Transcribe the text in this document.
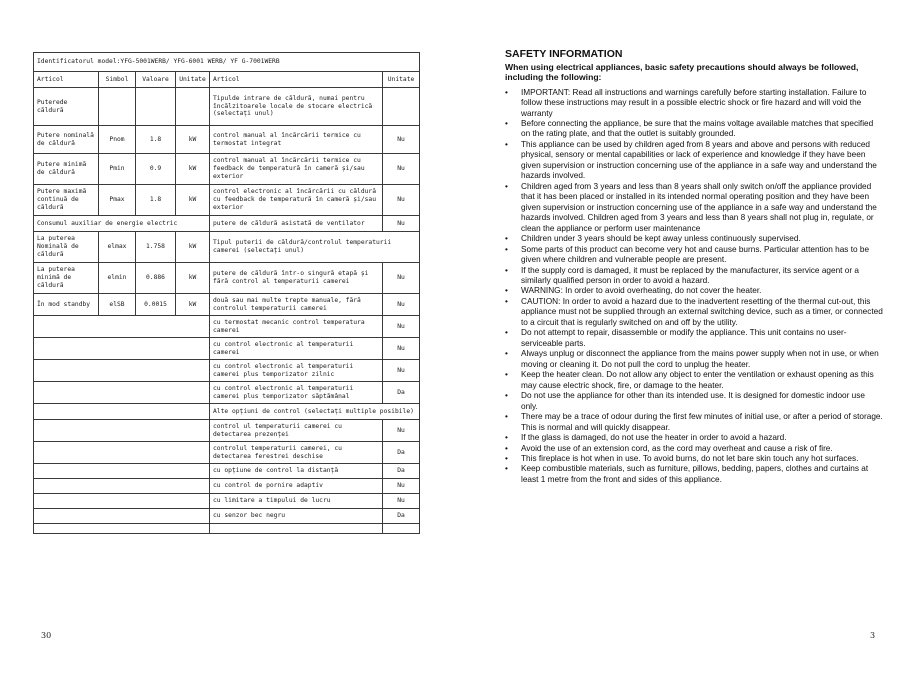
Identificatorul model:YFG-5001WERB/ YFG-6001 WERB/ YF G-7001WERB					
Articol	Simbol	Valoare	Unitate	Articol	Unitate
Puterede căldură				Tipulde intrare de căldură, numai pentru încălzitoarele locale de stocare electrică (selectați unul)	
Putere nominală de căldură	Pnom	1.8	kW	control manual al încărcării termice cu termostat integrat	Nu
Putere minimă de căldură	Pmin	0.9	kW	control manual al încărcării termice cu feedback de temperatură în cameră și/sau exterior	Nu
Putere maximă continuă de căldură	Pmax	1.8	kW	control electronic al încărcării cu căldură cu feedback de temperatură în cameră și/sau exterior	Nu
Consumul auxiliar de energie electric				putere de căldură asistată de ventilator	Nu
La puterea Nominală de căldură	elmax	1.758	kW	Tipul puterii de căldură/controlul temperaturii camerei (selectați unul)	
La puterea minimă de căldură	elmin	0.886	kW	putere de căldură într-o singură etapă și fără control al temperaturii camerei	Nu
În mod standby	elSB	0.0015	kW	două sau mai multe trepte manuale, fără controlul temperaturii camerei	Nu
				cu termostat mecanic control temperatura camerei	Nu
				cu control electronic al temperaturii camerei	Nu
				cu control electronic al temperaturii camerei plus temporizator zilnic	Nu
				cu control electronic al temperaturii camerei plus temporizator săptămânal	Da
				Alte opțiuni de control (selectați multiple posibile)	
				control ul temperaturii camerei cu detectarea prezenței	Nu
				controlul temperaturii camerei, cu detectarea ferestrei deschise	Da
				cu opțiune de control la distanță	Da
				cu control de pornire adaptiv	Nu
				cu limitare a timpului de lucru	Nu
				cu senzor bec negru	Da

30
SAFETY INFORMATION
When using electrical appliances, basic safety precautions should always be followed, including the following:
• IMPORTANT: Read all instructions and warnings carefully before starting installation. Failure to follow these instructions may result in a possible electric shock or fire hazard and will void the warranty
• Before connecting the appliance, be sure that the mains voltage available matches that specified on the rating plate, and that the outlet is suitably grounded.
• This appliance can be used by children aged from 8 years and above and persons with reduced physical, sensory or mental capabilities or lack of experience and knowledge if they have been given supervision or instruction concerning use of the appliance in a safe way and understand the hazards involved.
• Children aged from 3 years and less than 8 years shall only switch on/off the appliance provided that it has been placed or installed in its intended normal operating position and they have been given supervision or instruction concerning use of the appliance in a safe way and understand the hazards involved. Children aged from 3 years and less than 8 years shall not plug in, regulate, or clean the appliance or perform user maintenance
• Children under 3 years should be kept away unless continuously supervised.
• Some parts of this product can become very hot and cause burns. Particular attention has to be given where children and vulnerable people are present.
• If the supply cord is damaged, it must be replaced by the manufacturer, its service agent or a similarly qualified person in order to avoid a hazard.
• WARNING: In order to avoid overheating, do not cover the heater.
• CAUTION: In order to avoid a hazard due to the inadvertent resetting of the thermal cut-out, this appliance must not be supplied through an external switching device, such as a timer, or connected to a circuit that is regularly switched on and off by the utility.
• Do not attempt to repair, disassemble or modify the appliance. This unit contains no user-serviceable parts.
• Always unplug or disconnect the appliance from the mains power supply when not in use, or when moving or cleaning it. Do not pull the cord to unplug the heater.
• Keep the heater clean. Do not allow any object to enter the ventilation or exhaust opening as this may cause electric shock, fire, or damage to the heater.
• Do not use the appliance for other than its intended use. It is designed for domestic indoor use only.
• There may be a trace of odour during the first few minutes of initial use, or after a period of storage. This is normal and will quickly disappear.
• If the glass is damaged, do not use the heater in order to avoid a hazard.
• Avoid the use of an extension cord, as the cord may overheat and cause a risk of fire.
• This fireplace is hot when in use. To avoid burns, do not let bare skin touch any hot surfaces.
• Keep combustible materials, such as furniture, pillows, bedding, papers, clothes and curtains at least 1 metre from the front and sides of this appliance.
3
